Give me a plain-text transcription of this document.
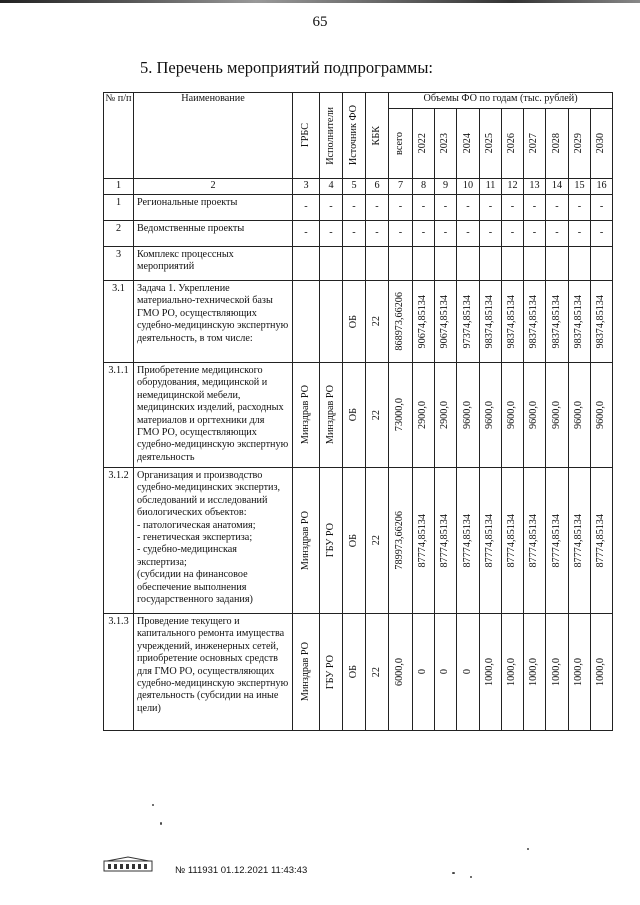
65
5. Перечень мероприятий подпрограммы:
№ п/п	Наименование	ГРБС	Исполнители	Источник ФО	КБК	Объемы ФО по годам (тыс. рублей)									

						всего	2022	2023	2024	2025	2026	2027	2028	2029	2030

1	2	3	4	5	6	7	8	9	10	11	12	13	14	15	16
1	Региональные проекты	-	-	-	-	-	-	-	-	-	-	-	-	-	-
2	Ведомственные проекты	-	-	-	-	-	-	-	-	-	-	-	-	-	-
3	Комплекс процессных мероприятий														
3.1	Задача 1. Укрепление материально-технической базы ГМО РО, осуществляющих судебно-медицинскую экспертную деятельность, в том числе:			ОБ	22	868973,66206	90674,85134	90674,85134	97374,85134	98374,85134	98374,85134	98374,85134	98374,85134	98374,85134	98374,85134

3.1.1	Приобретение медицинского оборудования, медицинской и немедицинской мебели, медицинских изделий, расходных материалов и оргтехники для ГМО РО, осуществляющих судебно-медицинскую экспертную деятельность	Минздрав РО	Минздрав РО	ОБ	22	73000,0	2900,0	2900,0	9600,0	9600,0	9600,0	9600,0	9600,0	9600,0	9600,0

3.1.2	Организация и производство судебно-медицинских экспертиз, обследований и исследований биологических объектов:
- патологическая анатомия;
- генетическая экспертиза;
- судебно-медицинская экспертиза;
(субсидии на финансовое обеспечение выполнения государственного задания)	Минздрав РО	ГБУ РО	ОБ	22	789973,66206	87774,85134	87774,85134	87774,85134	87774,85134	87774,85134	87774,85134	87774,85134	87774,85134	87774,85134

3.1.3	Проведение текущего и капитального ремонта имущества учреждений, инженерных сетей, приобретение основных средств для ГМО РО, осуществляющих судебно-медицинскую экспертную деятельность (субсидии на иные цели)	Минздрав РО	ГБУ РО	ОБ	22	6000,0	0	0	0	1000,0	1000,0	1000,0	1000,0	1000,0	1000,0
№ 111931 01.12.2021 11:43:43
